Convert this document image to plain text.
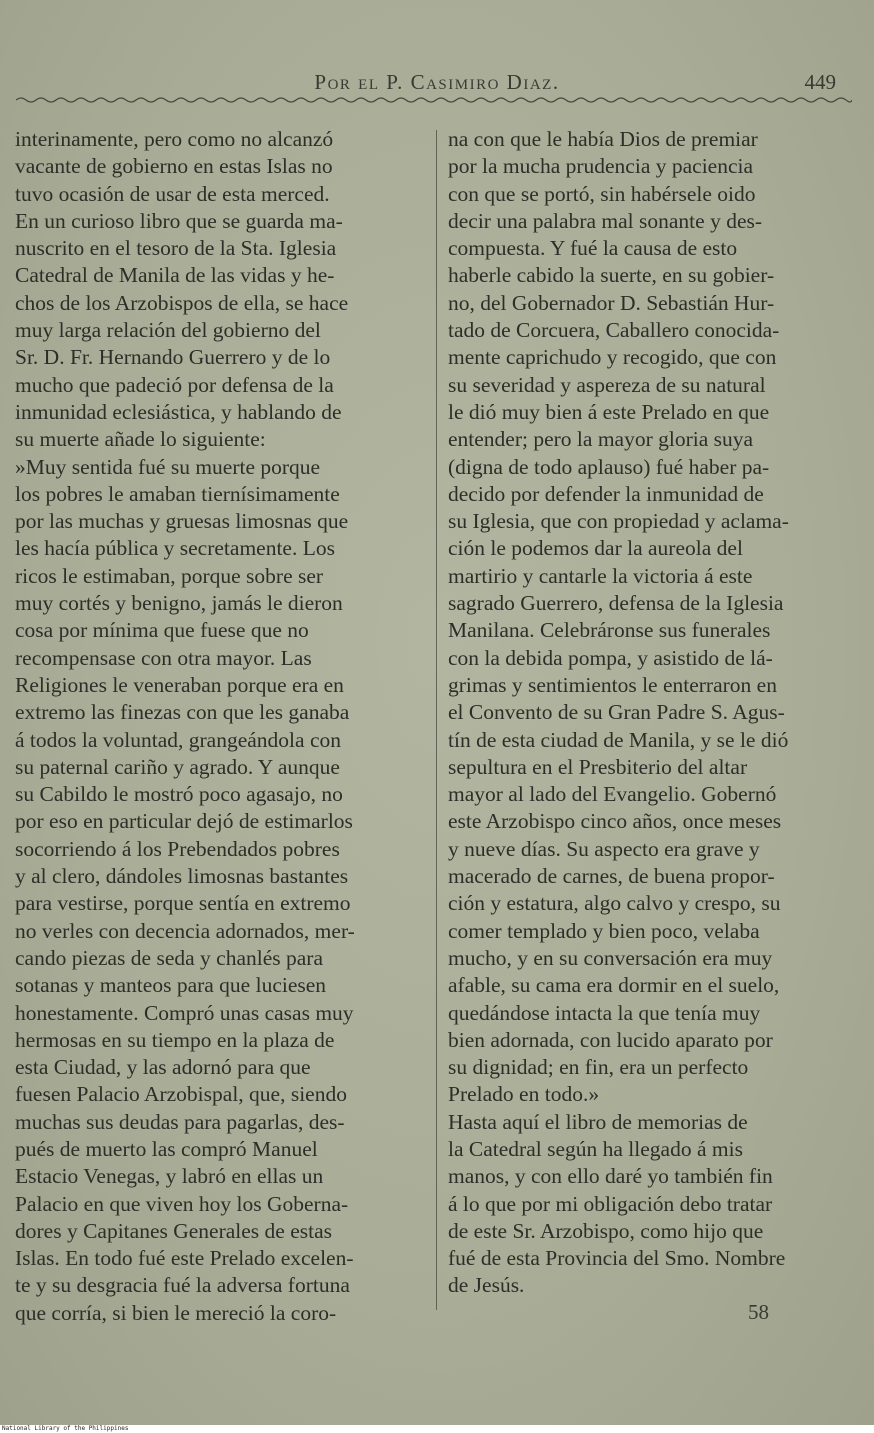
Por el P. Casimiro Diaz.	449
interinamente, pero como no alcanzó
vacante de gobierno en estas Islas no
tuvo ocasión de usar de esta merced.
En un curioso libro que se guarda ma-
nuscrito en el tesoro de la Sta. Iglesia
Catedral de Manila de las vidas y he-
chos de los Arzobispos de ella, se hace
muy larga relación del gobierno del
Sr. D. Fr. Hernando Guerrero y de lo
mucho que padeció por defensa de la
inmunidad eclesiástica, y hablando de
su muerte añade lo siguiente:
»Muy sentida fué su muerte porque
los pobres le amaban tiernísimamente
por las muchas y gruesas limosnas que
les hacía pública y secretamente. Los
ricos le estimaban, porque sobre ser
muy cortés y benigno, jamás le dieron
cosa por mínima que fuese que no
recompensase con otra mayor. Las
Religiones le veneraban porque era en
extremo las finezas con que les ganaba
á todos la voluntad, grangeándola con
su paternal cariño y agrado. Y aunque
su Cabildo le mostró poco agasajo, no
por eso en particular dejó de estimarlos
socorriendo á los Prebendados pobres
y al clero, dándoles limosnas bastantes
para vestirse, porque sentía en extremo
no verles con decencia adornados, mer-
cando piezas de seda y chanlés para
sotanas y manteos para que luciesen
honestamente. Compró unas casas muy
hermosas en su tiempo en la plaza de
esta Ciudad, y las adornó para que
fuesen Palacio Arzobispal, que, siendo
muchas sus deudas para pagarlas, des-
pués de muerto las compró Manuel
Estacio Venegas, y labró en ellas un
Palacio en que viven hoy los Goberna-
dores y Capitanes Generales de estas
Islas. En todo fué este Prelado excelen-
te y su desgracia fué la adversa fortuna
que corría, si bien le mereció la coro-
na con que le había Dios de premiar
por la mucha prudencia y paciencia
con que se portó, sin habérsele oido
decir una palabra mal sonante y des-
compuesta. Y fué la causa de esto
haberle cabido la suerte, en su gobier-
no, del Gobernador D. Sebastián Hur-
tado de Corcuera, Caballero conocida-
mente caprichudo y recogido, que con
su severidad y aspereza de su natural
le dió muy bien á este Prelado en que
entender; pero la mayor gloria suya
(digna de todo aplauso) fué haber pa-
decido por defender la inmunidad de
su Iglesia, que con propiedad y aclama-
ción le podemos dar la aureola del
martirio y cantarle la victoria á este
sagrado Guerrero, defensa de la Iglesia
Manilana. Celebráronse sus funerales
con la debida pompa, y asistido de lá-
grimas y sentimientos le enterraron en
el Convento de su Gran Padre S. Agus-
tín de esta ciudad de Manila, y se le dió
sepultura en el Presbiterio del altar
mayor al lado del Evangelio. Gobernó
este Arzobispo cinco años, once meses
y nueve días. Su aspecto era grave y
macerado de carnes, de buena propor-
ción y estatura, algo calvo y crespo, su
comer templado y bien poco, velaba
mucho, y en su conversación era muy
afable, su cama era dormir en el suelo,
quedándose intacta la que tenía muy
bien adornada, con lucido aparato por
su dignidad; en fin, era un perfecto
Prelado en todo.»
Hasta aquí el libro de memorias de
la Catedral según ha llegado á mis
manos, y con ello daré yo también fin
á lo que por mi obligación debo tratar
de este Sr. Arzobispo, como hijo que
fué de esta Provincia del Smo. Nombre
de Jesús.
58
National Library of the Philippines
